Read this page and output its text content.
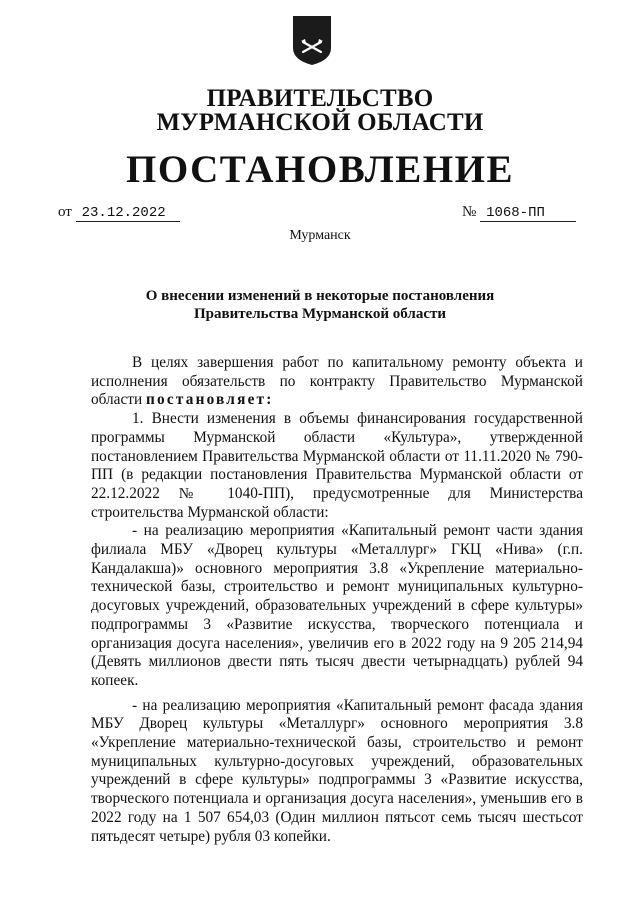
ПРАВИТЕЛЬСТВО
МУРМАНСКОЙ ОБЛАСТИ
ПОСТАНОВЛЕНИЕ
от 23.12.2022	№ 1068-ПП
Мурманск
О внесении изменений в некоторые постановления
Правительства Мурманской области

В целях завершения работ по капитальному ремонту объекта и исполнения обязательств по контракту Правительство Мурманской области постановляет:

1. Внести изменения в объемы финансирования государственной программы Мурманской области «Культура», утвержденной постановлением Правительства Мурманской области от 11.11.2020 № 790-ПП (в редакции постановления Правительства Мурманской области от 22.12.2022 № 1040-ПП), предусмотренные для Министерства строительства Мурманской области:

- на реализацию мероприятия «Капитальный ремонт части здания филиала МБУ «Дворец культуры «Металлург» ГКЦ «Нива» (г.п. Кандалакша)» основного мероприятия 3.8 «Укрепление материально-технической базы, строительство и ремонт муниципальных культурно-досуговых учреждений, образовательных учреждений в сфере культуры» подпрограммы 3 «Развитие искусства, творческого потенциала и организация досуга населения», увеличив его в 2022 году на 9 205 214,94 (Девять миллионов двести пять тысяч двести четырнадцать) рублей 94 копеек.

- на реализацию мероприятия «Капитальный ремонт фасада здания МБУ Дворец культуры «Металлург» основного мероприятия 3.8 «Укрепление материально-технической базы, строительство и ремонт муниципальных культурно-досуговых учреждений, образовательных учреждений в сфере культуры» подпрограммы 3 «Развитие искусства, творческого потенциала и организация досуга населения», уменьшив его в 2022 году на 1 507 654,03 (Один миллион пятьсот семь тысяч шестьсот пятьдесят четыре) рубля 03 копейки.
